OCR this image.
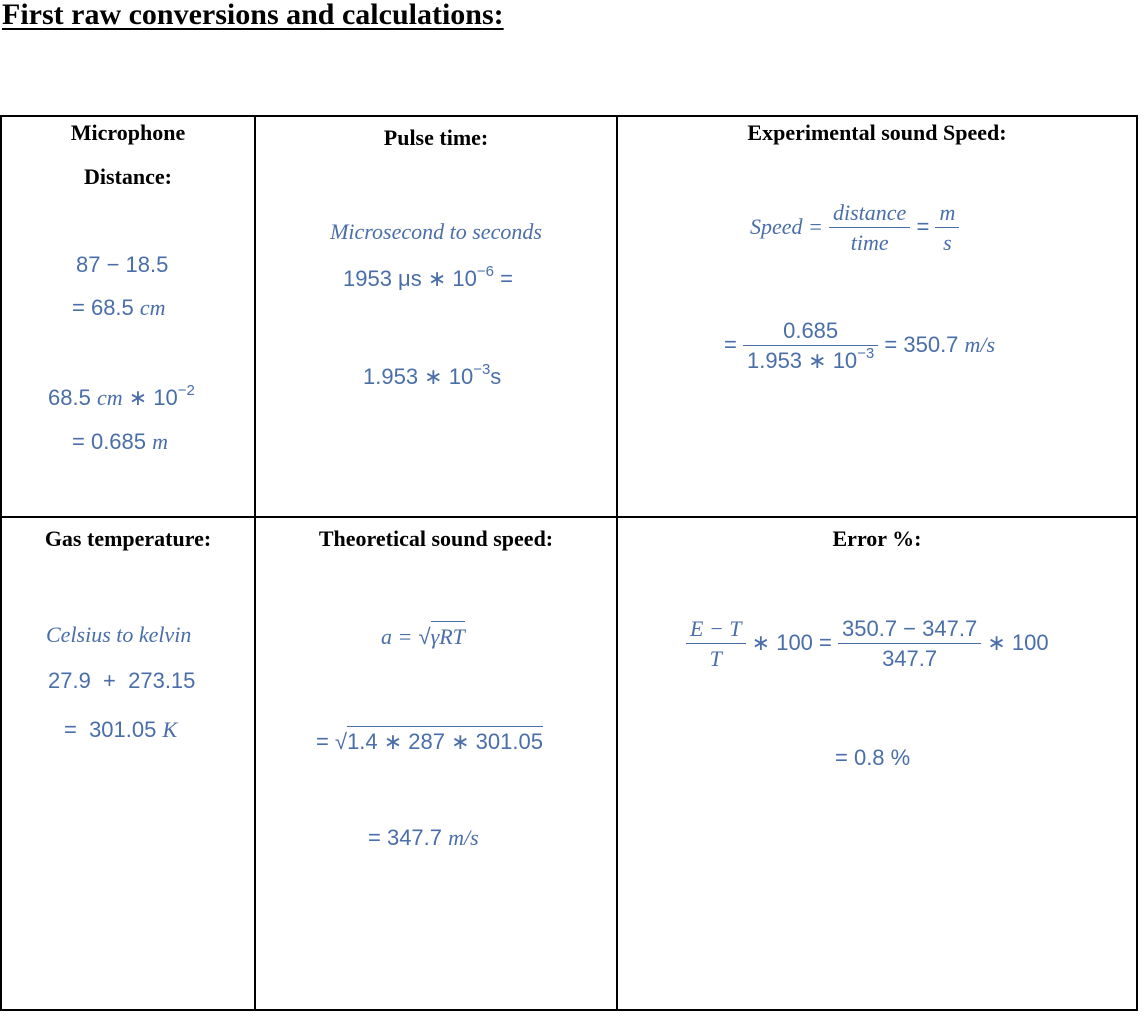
First raw conversions and calculations:
Microphone
Distance:
87 − 18.5
= 68.5 cm
68.5 cm ∗ $10^{-2}$
= 0.685 m
Pulse time:
Microsecond to seconds
1953 μs ∗ $10^{-6}$ =
1.953 ∗ $10^{-3}s$
Experimental sound Speed:
Speed = $\frac{\text{distance}}{\text{time}} = \frac{m}{s}$
= $\frac{0.685}{1.953 ∗ 10^{-3}} = 350.7$ m/s
Gas temperature:
Celsius to kelvin
27.9  +  273.15
=  301.05 K
Theoretical sound speed:
a = √γRT
= √1.4 ∗ 287 ∗ 301.05
= 347.7 m/s
Error %:
$\frac{E - T}{T}$ ∗ $100 = \frac{350.7 - 347.7}{347.7}$ ∗ 100
= 0.8 %
